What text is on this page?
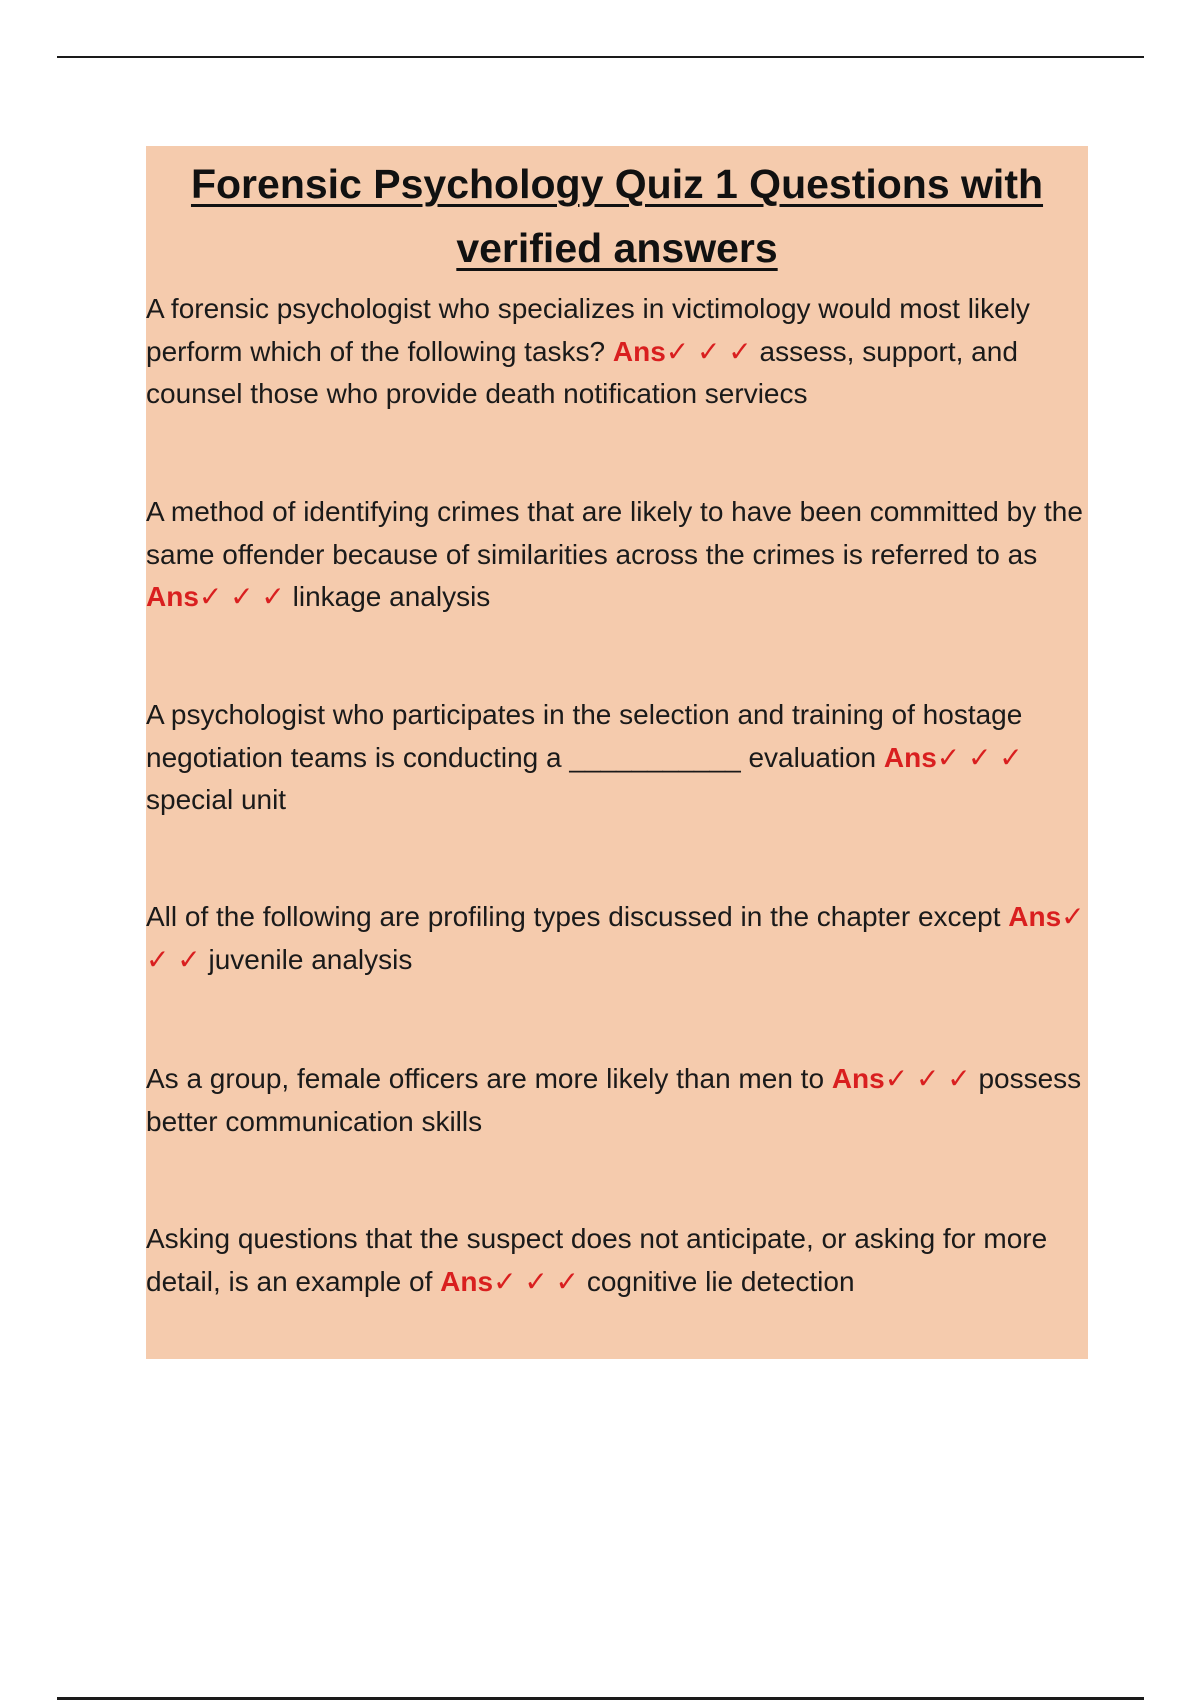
Forensic Psychology Quiz 1 Questions with
verified answers

A forensic psychologist who specializes in victimology would most likely perform which of the following tasks? Ans✓ ✓ ✓ assess, support, and counsel those who provide death notification serviecs

A method of identifying crimes that are likely to have been committed by the same offender because of similarities across the crimes is referred to as Ans✓ ✓ ✓ linkage analysis

A psychologist who participates in the selection and training of hostage negotiation teams is conducting a ___________ evaluation Ans✓ ✓ ✓ special unit

All of the following are profiling types discussed in the chapter except Ans✓ ✓ ✓ juvenile analysis

As a group, female officers are more likely than men to Ans✓ ✓ ✓ possess better communication skills

Asking questions that the suspect does not anticipate, or asking for more detail, is an example of Ans✓ ✓ ✓ cognitive lie detection
